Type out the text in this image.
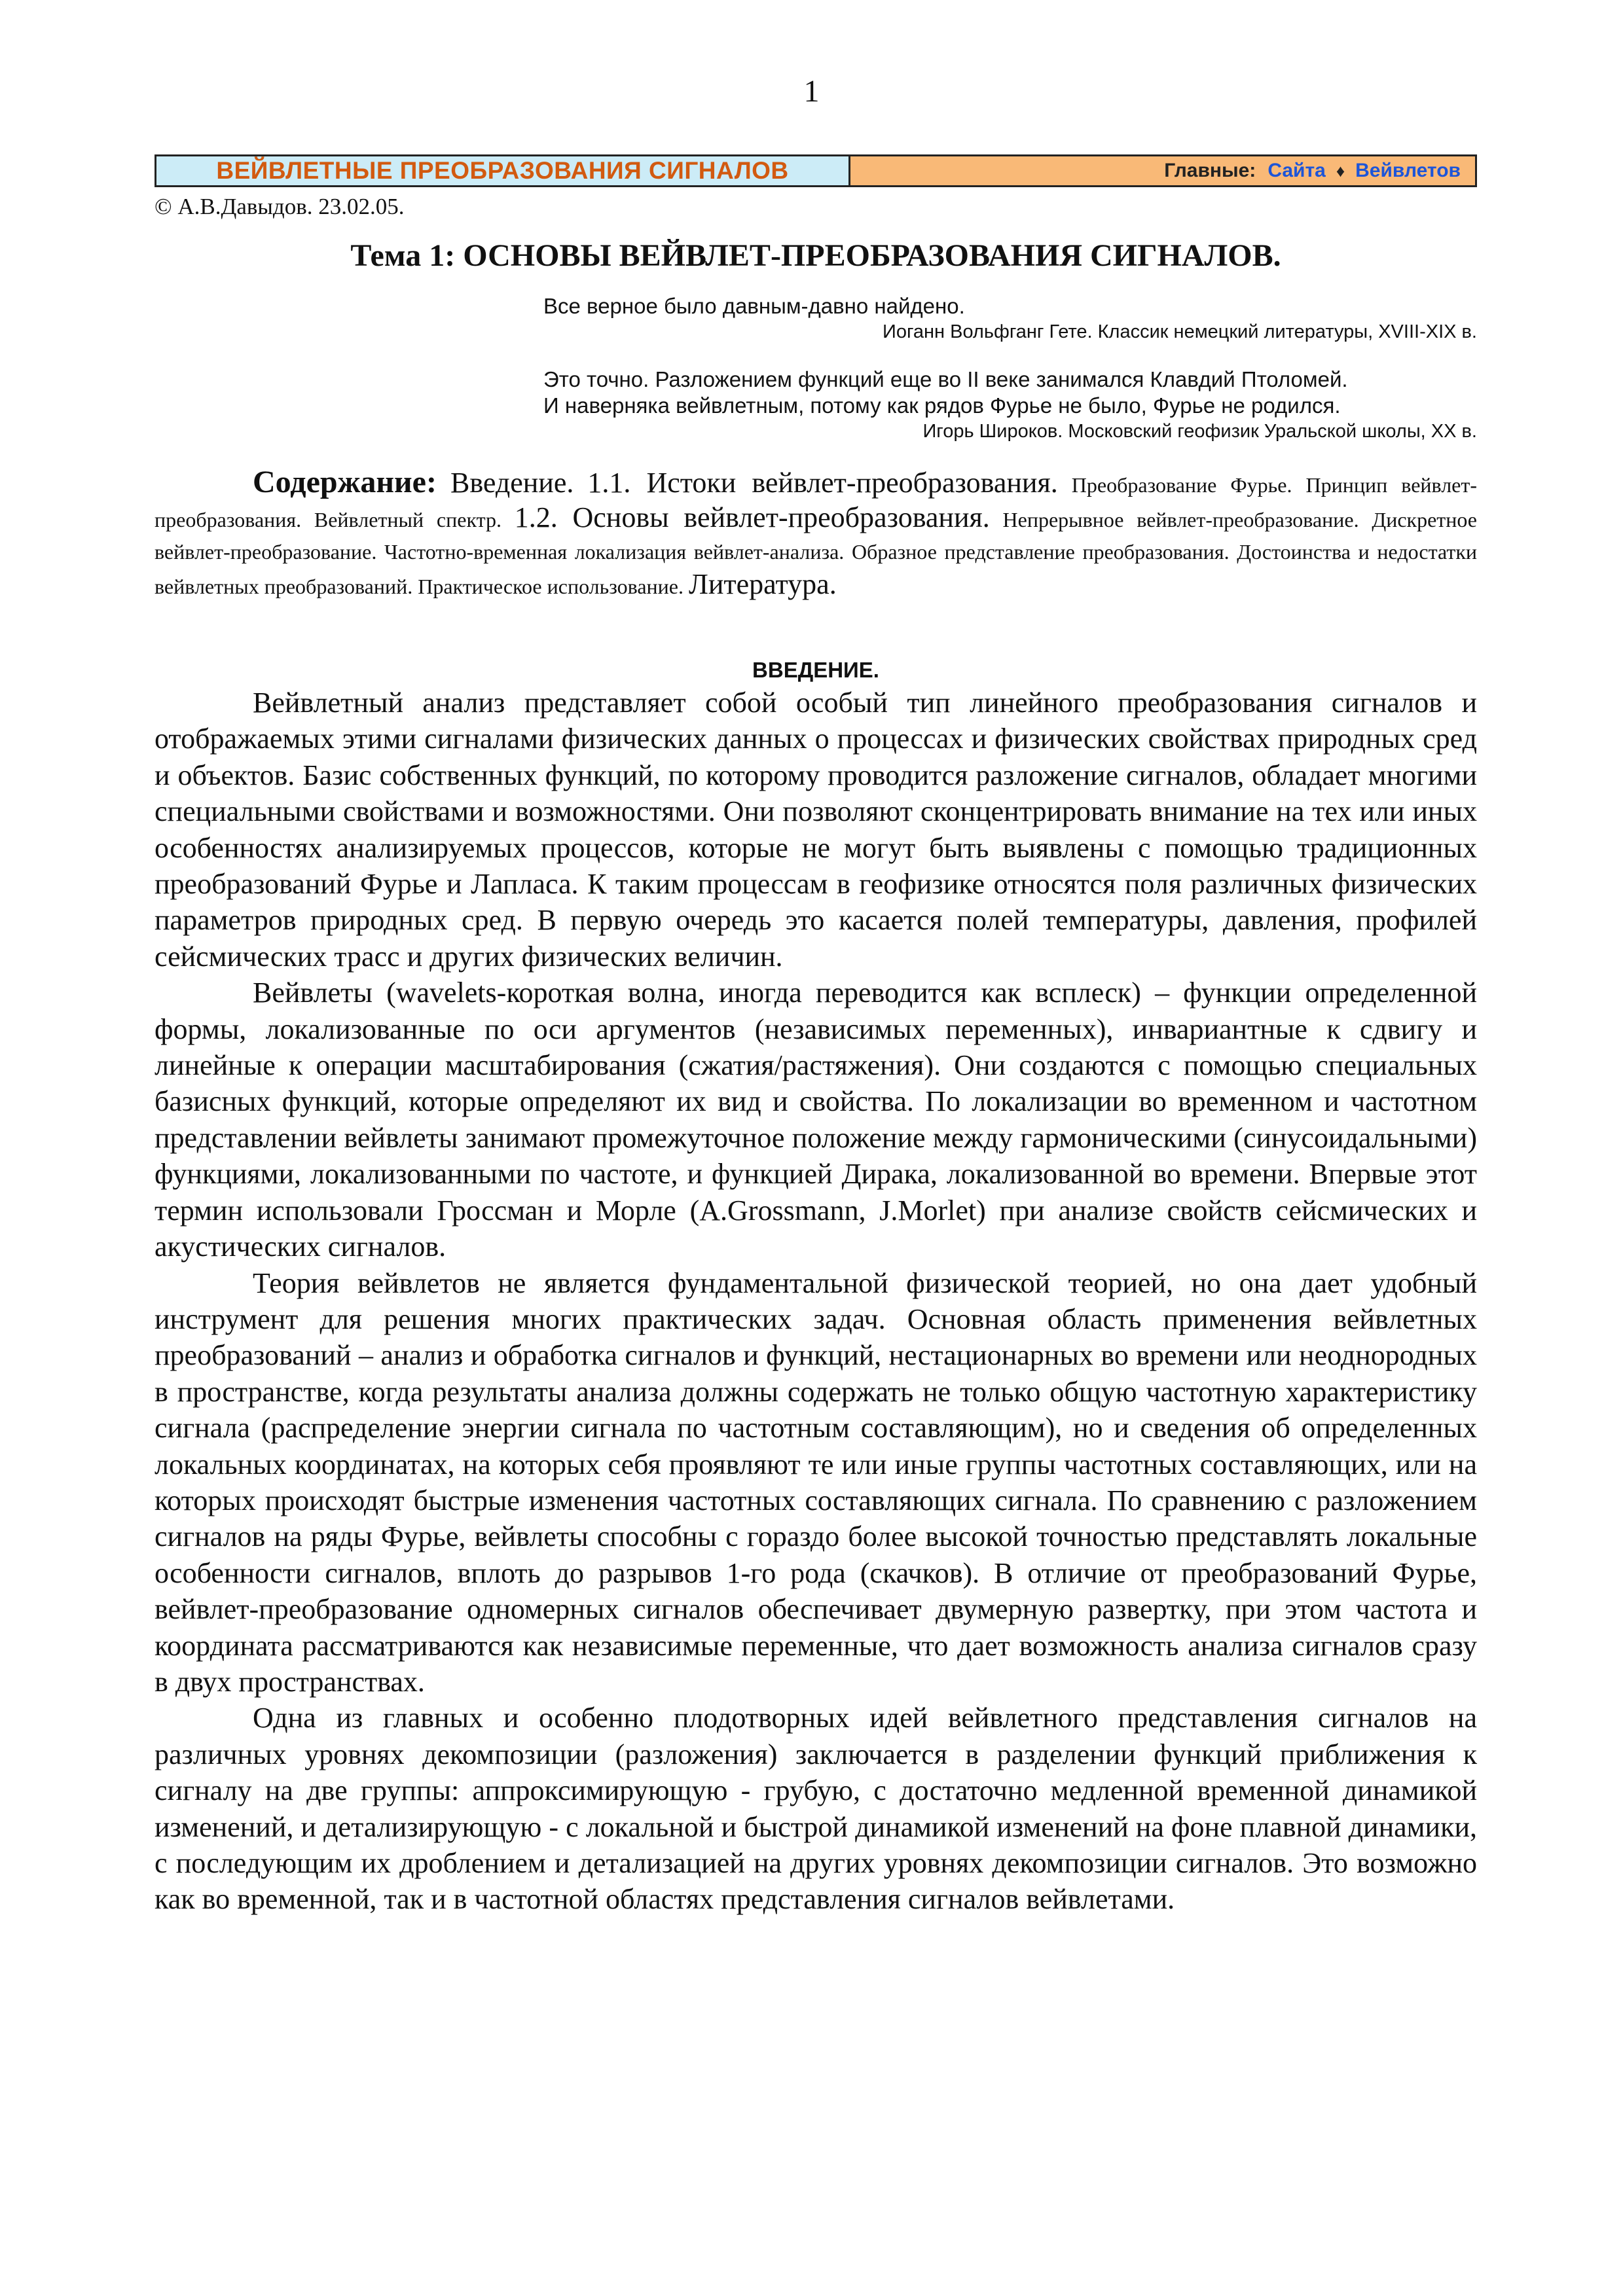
1
ВЕЙВЛЕТНЫЕ ПРЕОБРАЗОВАНИЯ СИГНАЛОВ	Главные: Сайта ♦ Вейвлетов
© А.В.Давыдов. 23.02.05.
Тема 1: ОСНОВЫ ВЕЙВЛЕТ-ПРЕОБРАЗОВАНИЯ СИГНАЛОВ.
Все верное было давным-давно найдено.
Иоганн Вольфганг Гете. Классик немецкий литературы, XVIII-XIX в.
Это точно. Разложением функций еще во II веке занимался Клавдий Птоломей.
И наверняка вейвлетным, потому как рядов Фурье не было, Фурье не родился.
Игорь Широков. Московский геофизик Уральской школы, XX в.
Содержание: Введение. 1.1. Истоки вейвлет-преобразования. Преобразование Фурье. Принцип вейвлет-преобразования. Вейвлетный спектр. 1.2. Основы вейвлет-преобразования. Непрерывное вейвлет-преобразование. Дискретное вейвлет-преобразование. Частотно-временная локализация вейвлет-анализа. Образное представление преобразования. Достоинства и недостатки вейвлетных преобразований. Практическое использование. Литература.
ВВЕДЕНИЕ.

Вейвлетный анализ представляет собой особый тип линейного преобразования сигналов и отображаемых этими сигналами физических данных о процессах и физических свойствах природных сред и объектов. Базис собственных функций, по которому проводится разложение сигналов, обладает многими специальными свойствами и возможностями. Они позволяют сконцентрировать внимание на тех или иных особенностях анализируемых процессов, которые не могут быть выявлены с помощью традиционных преобразований Фурье и Лапласа. К таким процессам в геофизике относятся поля различных физических параметров природных сред. В первую очередь это касается полей температуры, давления, профилей сейсмических трасс и других физических величин.

Вейвлеты (wavelets-короткая волна, иногда переводится как всплеск) – функции определенной формы, локализованные по оси аргументов (независимых переменных), инвариантные к сдвигу и линейные к операции масштабирования (сжатия/растяжения). Они создаются с помощью специальных базисных функций, которые определяют их вид и свойства. По локализации во временном и частотном представлении вейвлеты занимают промежуточное положение между гармоническими (синусоидальными) функциями, локализованными по частоте, и функцией Дирака, локализованной во времени. Впервые этот термин использовали Гроссман и Морле (A.Grossmann, J.Morlet) при анализе свойств сейсмических и акустических сигналов.

Теория вейвлетов не является фундаментальной физической теорией, но она дает удобный инструмент для решения многих практических задач. Основная область применения вейвлетных преобразований – анализ и обработка сигналов и функций, нестационарных во времени или неоднородных в пространстве, когда результаты анализа должны содержать не только общую частотную характеристику сигнала (распределение энергии сигнала по частотным составляющим), но и сведения об определенных локальных координатах, на которых себя проявляют те или иные группы частотных составляющих, или на которых происходят быстрые изменения частотных составляющих сигнала. По сравнению с разложением сигналов на ряды Фурье, вейвлеты способны с гораздо более высокой точностью представлять локальные особенности сигналов, вплоть до разрывов 1-го рода (скачков). В отличие от преобразований Фурье, вейвлет-преобразование одномерных сигналов обеспечивает двумерную развертку, при этом частота и координата рассматриваются как независимые переменные, что дает возможность анализа сигналов сразу в двух пространствах.

Одна из главных и особенно плодотворных идей вейвлетного представления сигналов на различных уровнях декомпозиции (разложения) заключается в разделении функций приближения к сигналу на две группы: аппроксимирующую - грубую, с достаточно медленной временной динамикой изменений, и детализирующую - с локальной и быстрой динамикой изменений на фоне плавной динамики, с последующим их дроблением и детализацией на других уровнях декомпозиции сигналов. Это возможно как во временной, так и в частотной областях представления сигналов вейвлетами.
